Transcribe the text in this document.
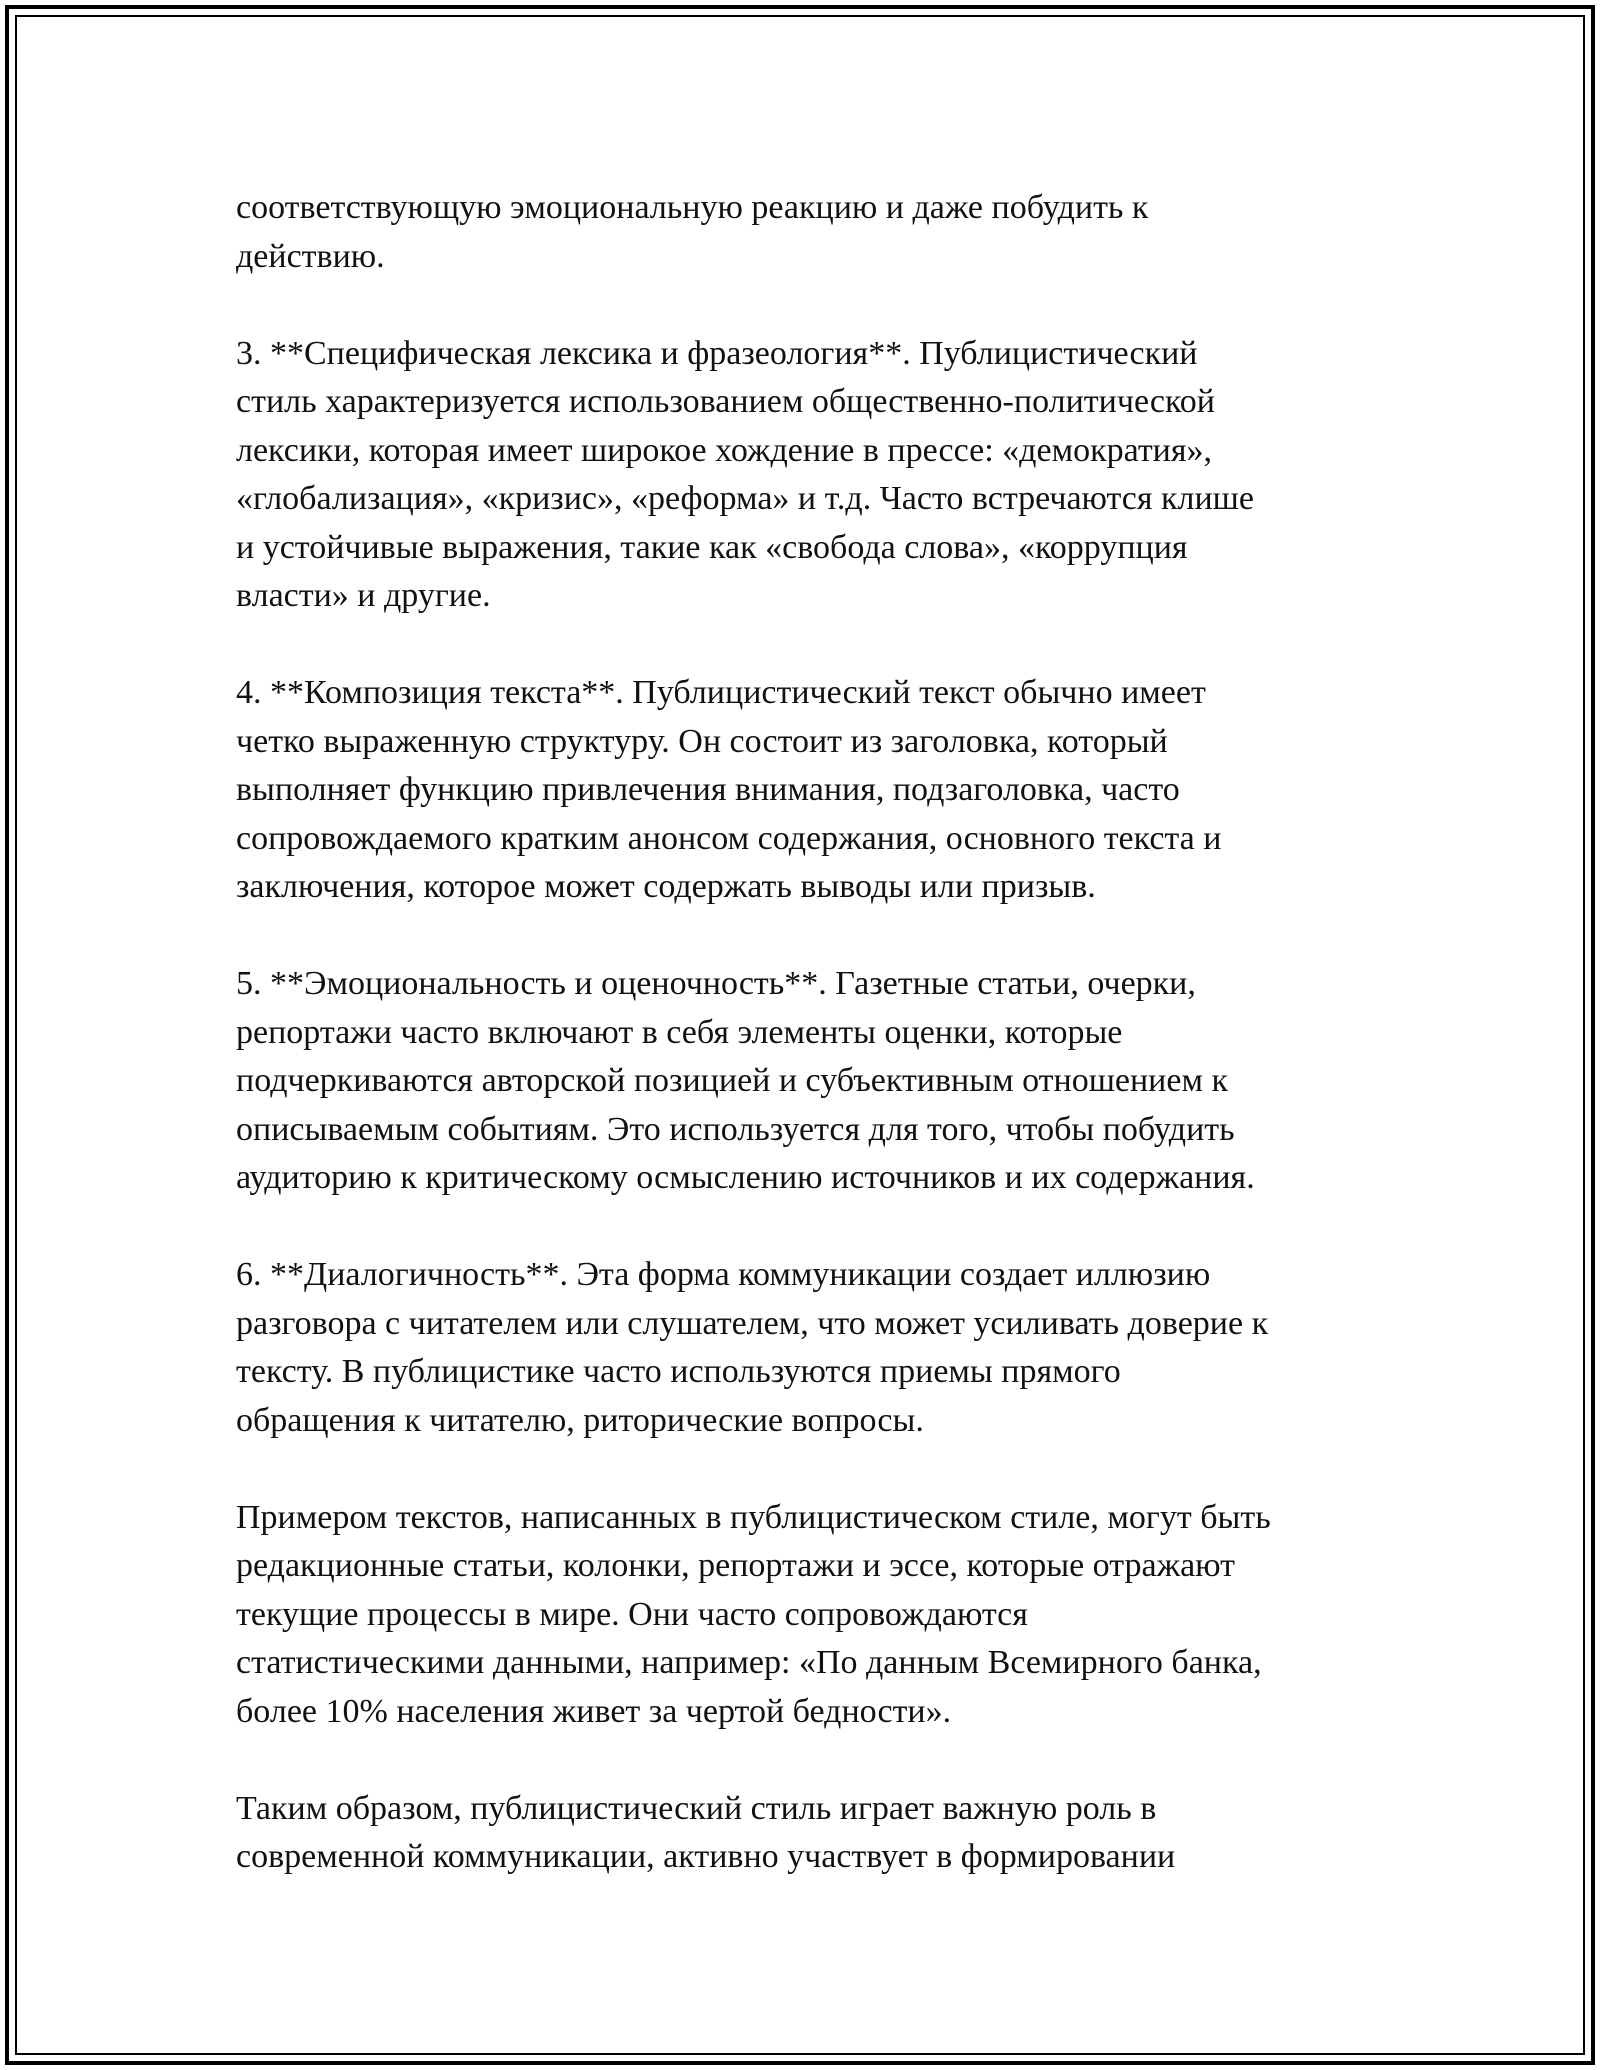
соответствующую эмоциональную реакцию и даже побудить к
действию.

3. **Специфическая лексика и фразеология**. Публицистический
стиль характеризуется использованием общественно-политической
лексики, которая имеет широкое хождение в прессе: «демократия»,
«глобализация», «кризис», «реформа» и т.д. Часто встречаются клише
и устойчивые выражения, такие как «свобода слова», «коррупция
власти» и другие.

4. **Композиция текста**. Публицистический текст обычно имеет
четко выраженную структуру. Он состоит из заголовка, который
выполняет функцию привлечения внимания, подзаголовка, часто
сопровождаемого кратким анонсом содержания, основного текста и
заключения, которое может содержать выводы или призыв.

5. **Эмоциональность и оценочность**. Газетные статьи, очерки,
репортажи часто включают в себя элементы оценки, которые
подчеркиваются авторской позицией и субъективным отношением к
описываемым событиям. Это используется для того, чтобы побудить
аудиторию к критическому осмыслению источников и их содержания.

6. **Диалогичность**. Эта форма коммуникации создает иллюзию
разговора с читателем или слушателем, что может усиливать доверие к
тексту. В публицистике часто используются приемы прямого
обращения к читателю, риторические вопросы.

Примером текстов, написанных в публицистическом стиле, могут быть
редакционные статьи, колонки, репортажи и эссе, которые отражают
текущие процессы в мире. Они часто сопровождаются
статистическими данными, например: «По данным Всемирного банка,
более 10% населения живет за чертой бедности».

Таким образом, публицистический стиль играет важную роль в
современной коммуникации, активно участвует в формировании
